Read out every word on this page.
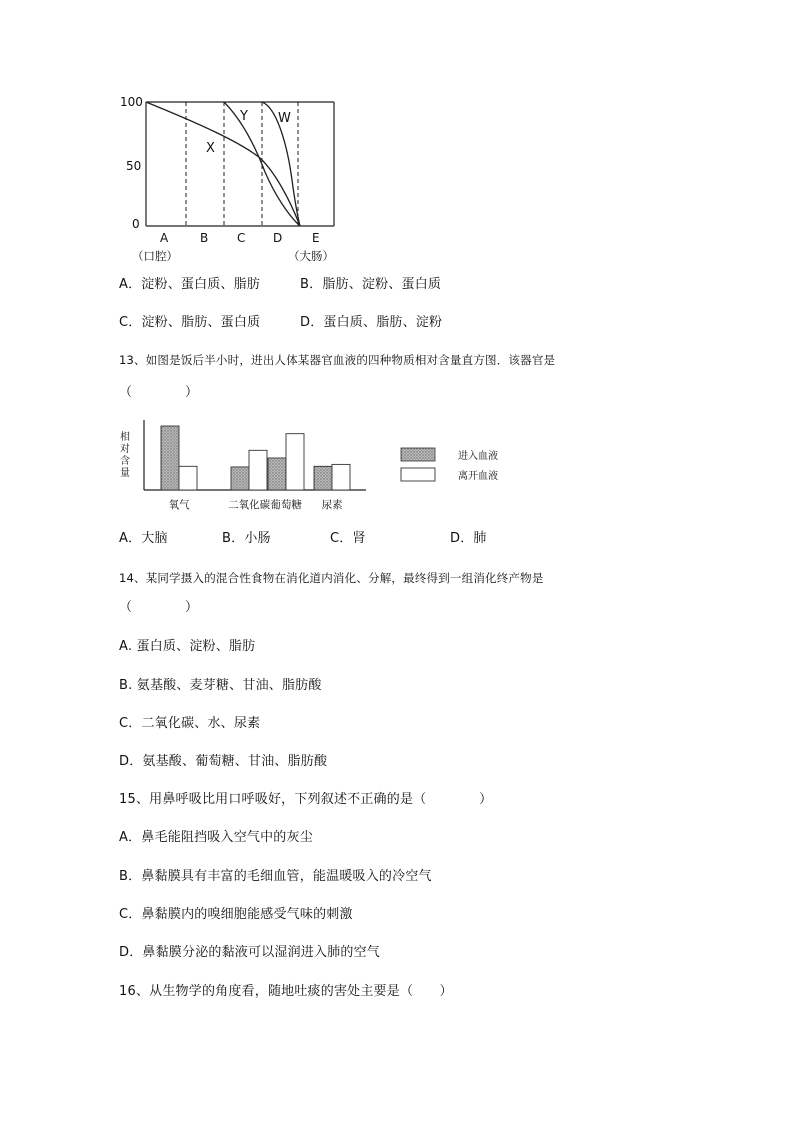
100
50
0
X
Y W
A	B C D E
（口腔）	（大肠）
A．淀粉、蛋白质、脂肪	B．脂肪、淀粉、蛋白质
C．淀粉、脂肪、蛋白质	D．蛋白质、脂肪、淀粉
13、如图是饭后半小时，进出人体某器官血液的四种物质相对含量直方图．该器官是
（　　　　）
相
对
含
量
氧气	二氧化碳 葡萄糖 尿素
进入血液
离开血液
A．大脑	B．小肠	C．肾	D．肺
14、某同学摄入的混合性食物在消化道内消化、分解，最终得到一组消化终产物是
（　　　　）
A. 蛋白质、淀粉、脂肪
B. 氨基酸、麦芽糖、甘油、脂肪酸
C．二氧化碳、水、尿素
D．氨基酸、葡萄糖、甘油、脂肪酸
15、用鼻呼吸比用口呼吸好，下列叙述不正确的是（　　　　）
A．鼻毛能阻挡吸入空气中的灰尘
B．鼻黏膜具有丰富的毛细血管，能温暖吸入的冷空气
C．鼻黏膜内的嗅细胞能感受气味的刺激
D．鼻黏膜分泌的黏液可以湿润进入肺的空气
16、从生物学的角度看，随地吐痰的害处主要是（　　）
